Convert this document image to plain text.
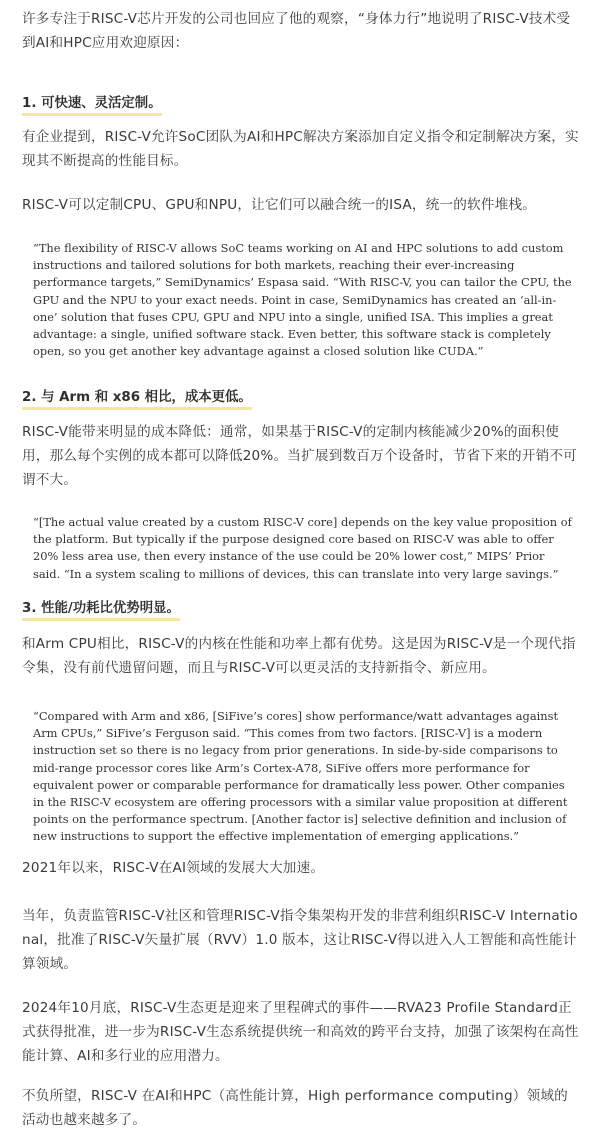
许多专注于RISC-V芯片开发的公司也回应了他的观察，“身体力行”地说明了RISC-V技术受到AI和HPC应用欢迎原因：
1. 可快速、灵活定制。
有企业提到，RISC-V允许SoC团队为AI和HPC解决方案添加自定义指令和定制解决方案，实现其不断提高的性能目标。
RISC-V可以定制CPU、GPU和NPU，让它们可以融合统一的ISA，统一的软件堆栈。
“The flexibility of RISC-V allows SoC teams working on AI and HPC solutions to add custom instructions and tailored solutions for both markets, reaching their ever-increasing performance targets,” SemiDynamics’ Espasa said. “With RISC-V, you can tailor the CPU, the GPU and the NPU to your exact needs. Point in case, SemiDynamics has created an ‘all-in-one’ solution that fuses CPU, GPU and NPU into a single, unified ISA. This implies a great advantage: a single, unified software stack. Even better, this software stack is completely open, so you get another key advantage against a closed solution like CUDA.”
2. 与 Arm 和 x86 相比，成本更低。
RISC-V能带来明显的成本降低：通常，如果基于RISC-V的定制内核能减少20%的面积使用，那么每个实例的成本都可以降低20%。当扩展到数百万个设备时，节省下来的开销不可谓不大。
“[The actual value created by a custom RISC-V core] depends on the key value proposition of the platform. But typically if the purpose designed core based on RISC-V was able to offer 20% less area use, then every instance of the use could be 20% lower cost,” MIPS’ Prior said. “In a system scaling to millions of devices, this can translate into very large savings.”
3. 性能/功耗比优势明显。
和Arm CPU相比，RISC-V的内核在性能和功率上都有优势。这是因为RISC-V是一个现代指令集，没有前代遗留问题，而且与RISC-V可以更灵活的支持新指令、新应用。
“Compared with Arm and x86, [SiFive’s cores] show performance/watt advantages against Arm CPUs,” SiFive’s Ferguson said. “This comes from two factors. [RISC-V] is a modern instruction set so there is no legacy from prior generations. In side-by-side comparisons to mid-range processor cores like Arm’s Cortex-A78, SiFive offers more performance for equivalent power or comparable performance for dramatically less power. Other companies in the RISC-V ecosystem are offering processors with a similar value proposition at different points on the performance spectrum. [Another factor is] selective definition and inclusion of new instructions to support the effective implementation of emerging applications.”
2021年以来，RISC-V在AI领域的发展大大加速。
当年，负责监管RISC-V社区和管理RISC-V指令集架构开发的非营利组织RISC-V International，批准了RISC-V矢量扩展（RVV）1.0 版本，这让RISC-V得以进入人工智能和高性能计算领域。
2024年10月底，RISC-V生态更是迎来了里程碑式的事件——RVA23 Profile Standard正式获得批准，进一步为RISC-V生态系统提供统一和高效的跨平台支持，加强了该架构在高性能计算、AI和多行业的应用潜力。
不负所望，RISC-V 在AI和HPC（高性能计算，High performance computing）领域的活动也越来越多了。
